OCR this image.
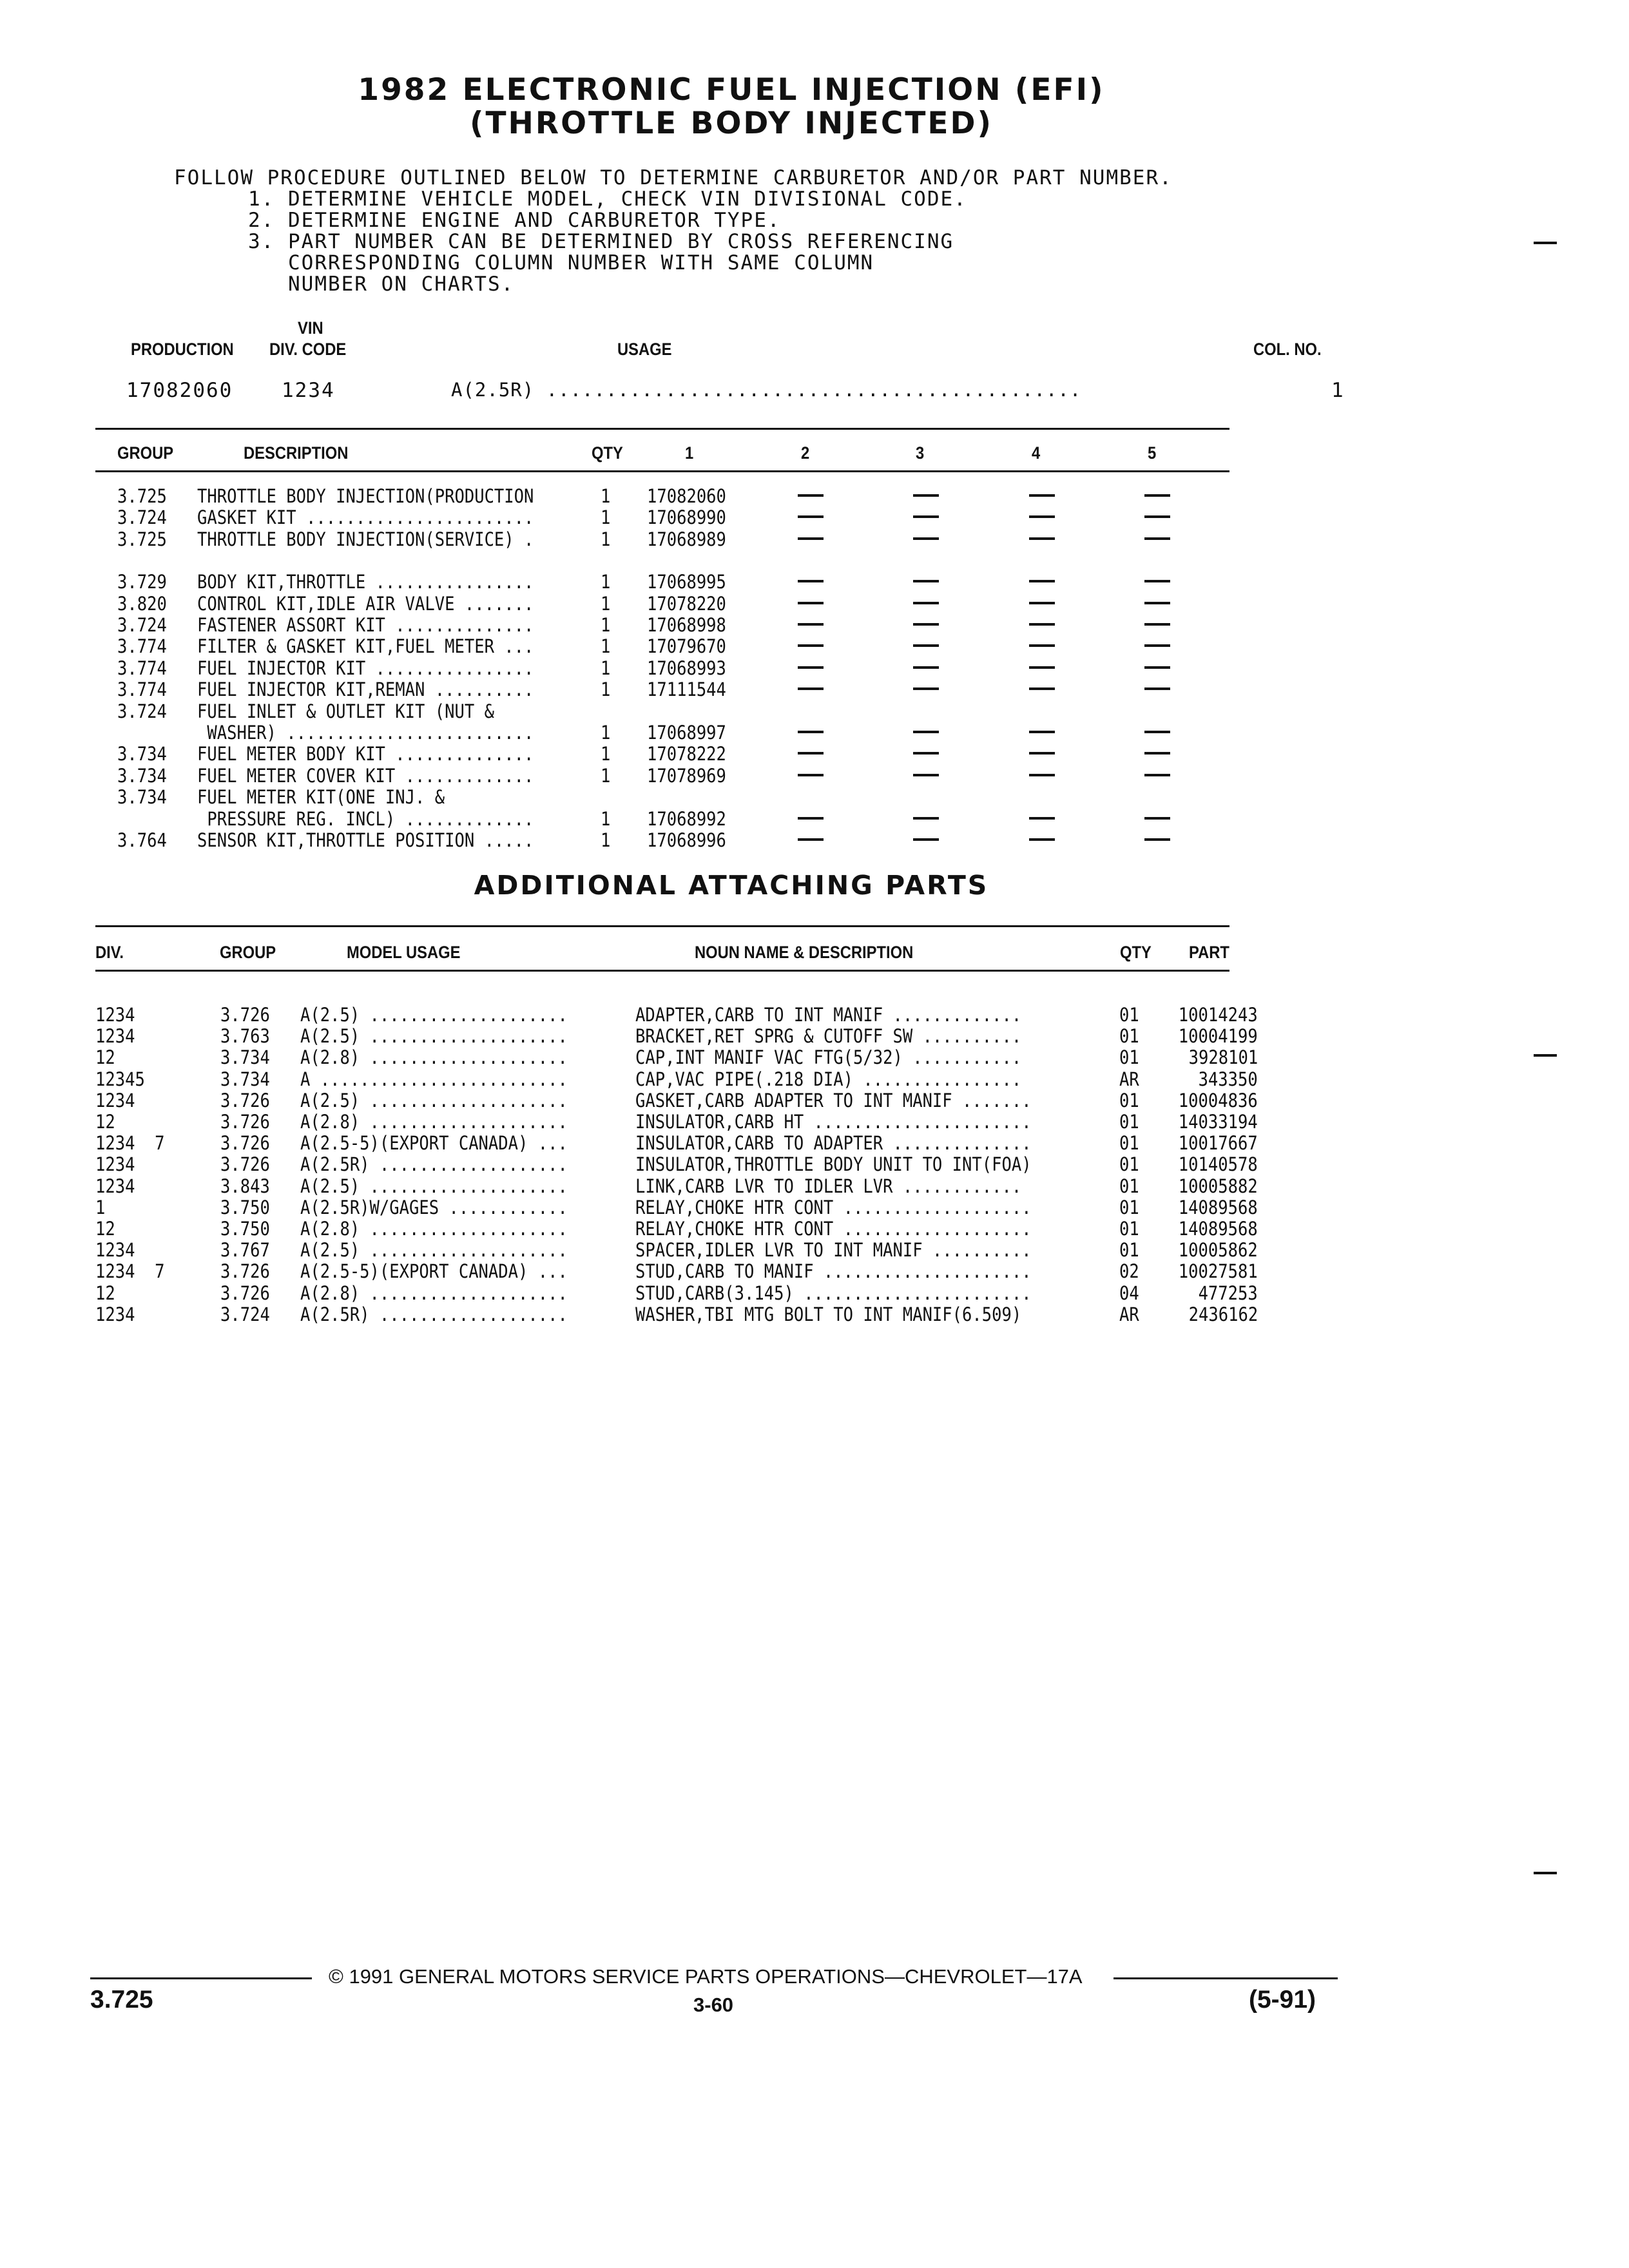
1982 ELECTRONIC FUEL INJECTION (EFI)
(THROTTLE BODY INJECTED)
FOLLOW PROCEDURE OUTLINED BELOW TO DETERMINE CARBURETOR AND/OR PART NUMBER.
1. DETERMINE VEHICLE MODEL, CHECK VIN DIVISIONAL CODE.
2. DETERMINE ENGINE AND CARBURETOR TYPE.
3. PART NUMBER CAN BE DETERMINED BY CROSS REFERENCING
CORRESPONDING COLUMN NUMBER WITH SAME COLUMN
NUMBER ON CHARTS.
VIN
PRODUCTION DIV. CODE	USAGE	COL. NO.
17082060 1234	A(2.5R) .............................................	1
GROUP	DESCRIPTION	QTY	1	2	3	4	5
3.725 THROTTLE BODY INJECTION(PRODUCTION	1 17082060
3.724 GASKET KIT .......................	1 17068990
3.725 THROTTLE BODY INJECTION(SERVICE) .	1 17068989
3.729 BODY KIT,THROTTLE ................	1 17068995
3.820 CONTROL KIT,IDLE AIR VALVE .......	1 17078220
3.724 FASTENER ASSORT KIT ..............	1 17068998
3.774 FILTER & GASKET KIT,FUEL METER ...	1 17079670
3.774 FUEL INJECTOR KIT ................	1 17068993
3.774 FUEL INJECTOR KIT,REMAN ..........	1 17111544
3.724 FUEL INLET & OUTLET KIT (NUT &
WASHER) .........................	1 17068997
3.734 FUEL METER BODY KIT ..............	1 17078222
3.734 FUEL METER COVER KIT .............	1 17078969
3.734 FUEL METER KIT(ONE INJ. &
PRESSURE REG. INCL) .............	1 17068992
3.764 SENSOR KIT,THROTTLE POSITION .....	1 17068996
ADDITIONAL ATTACHING PARTS
DIV.	GROUP	MODEL USAGE	NOUN NAME & DESCRIPTION	QTY PART
1234	3.726 A(2.5) ....................	ADAPTER,CARB TO INT MANIF .............	01 10014243
1234	3.763 A(2.5) ....................	BRACKET,RET SPRG & CUTOFF SW ..........	01 10004199
12	3.734 A(2.8) ....................	CAP,INT MANIF VAC FTG(5/32) ...........	01	3928101
12345	3.734 A .........................	CAP,VAC PIPE(.218 DIA) ................	AR	343350
1234	3.726 A(2.5) ....................	GASKET,CARB ADAPTER TO INT MANIF .......	01 10004836
12	3.726 A(2.8) ....................	INSULATOR,CARB HT ......................	01 14033194
1234  7	3.726 A(2.5-5)(EXPORT CANADA) ...	INSULATOR,CARB TO ADAPTER ..............	01 10017667
1234	3.726 A(2.5R) ...................	INSULATOR,THROTTLE BODY UNIT TO INT(FOA)	01 10140578
1234	3.843 A(2.5) ....................	LINK,CARB LVR TO IDLER LVR ............	01 10005882
1	3.750 A(2.5R)W/GAGES ............	RELAY,CHOKE HTR CONT ...................	01 14089568
12	3.750 A(2.8) ....................	RELAY,CHOKE HTR CONT ...................	01 14089568
1234	3.767 A(2.5) ....................	SPACER,IDLER LVR TO INT MANIF ..........	01 10005862
1234  7	3.726 A(2.5-5)(EXPORT CANADA) ...	STUD,CARB TO MANIF .....................	02 10027581
12	3.726 A(2.8) ....................	STUD,CARB(3.145) .......................	04	477253
1234	3.724 A(2.5R) ...................	WASHER,TBI MTG BOLT TO INT MANIF(6.509)	AR	2436162
© 1991 GENERAL MOTORS SERVICE PARTS OPERATIONS—CHEVROLET—17A
3.725	3-60	(5-91)
